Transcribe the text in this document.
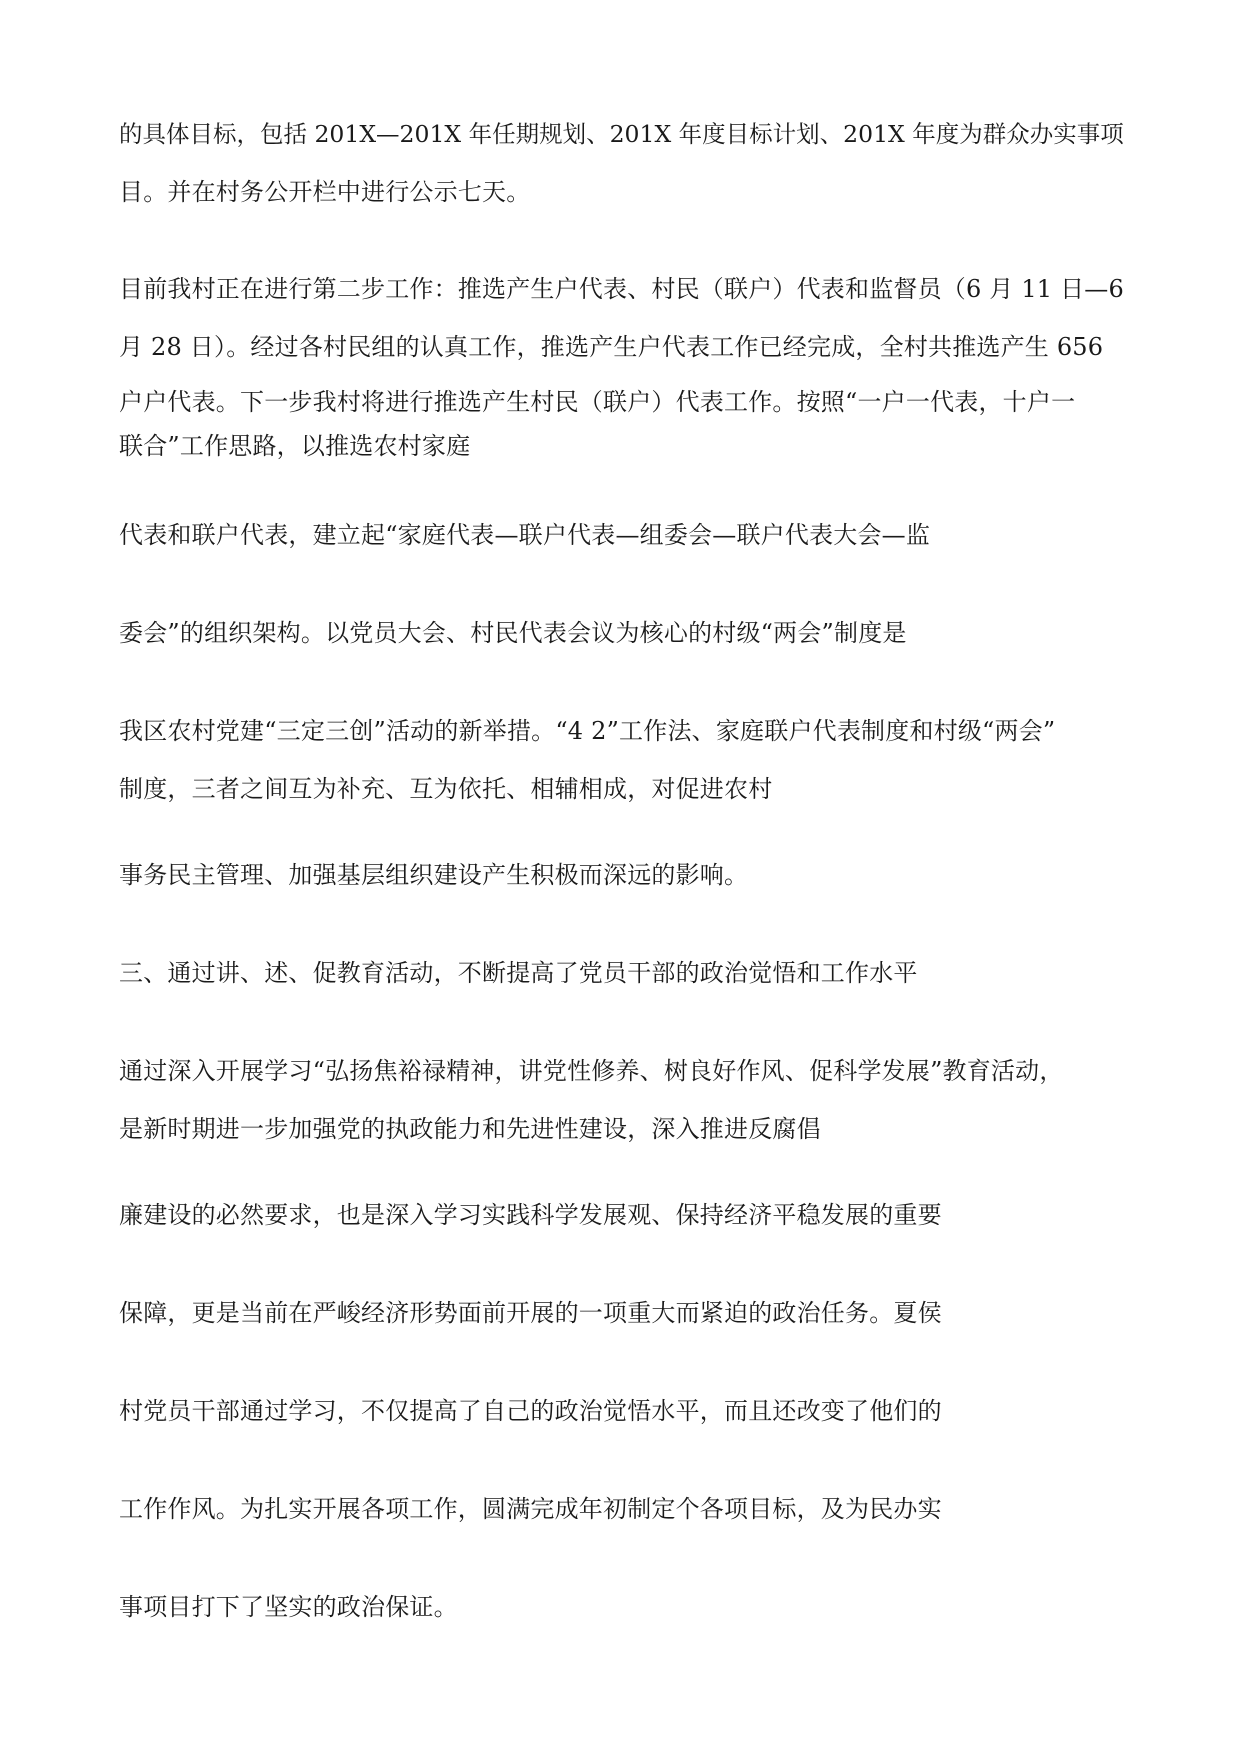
的具体目标，包括 201X—201X 年任期规划、201X 年度目标计划、201X 年度为群众办实事项
目。并在村务公开栏中进行公示七天。
目前我村正在进行第二步工作：推选产生户代表、村民（联户）代表和监督员（6 月 11 日—6
月 28 日）。经过各村民组的认真工作，推选产生户代表工作已经完成，全村共推选产生 656
户户代表。下一步我村将进行推选产生村民（联户）代表工作。按照“一户一代表，十户一
联合”工作思路，以推选农村家庭
代表和联户代表，建立起“家庭代表—联户代表—组委会—联户代表大会—监
委会”的组织架构。以党员大会、村民代表会议为核心的村级“两会”制度是
我区农村党建“三定三创”活动的新举措。“4 2”工作法、家庭联户代表制度和村级“两会”
制度，三者之间互为补充、互为依托、相辅相成，对促进农村
事务民主管理、加强基层组织建设产生积极而深远的影响。
三、通过讲、述、促教育活动，不断提高了党员干部的政治觉悟和工作水平
通过深入开展学习“弘扬焦裕禄精神，讲党性修养、树良好作风、促科学发展”教育活动，
是新时期进一步加强党的执政能力和先进性建设，深入推进反腐倡
廉建设的必然要求，也是深入学习实践科学发展观、保持经济平稳发展的重要
保障，更是当前在严峻经济形势面前开展的一项重大而紧迫的政治任务。夏侯
村党员干部通过学习，不仅提高了自己的政治觉悟水平，而且还改变了他们的
工作作风。为扎实开展各项工作，圆满完成年初制定个各项目标，及为民办实
事项目打下了坚实的政治保证。
